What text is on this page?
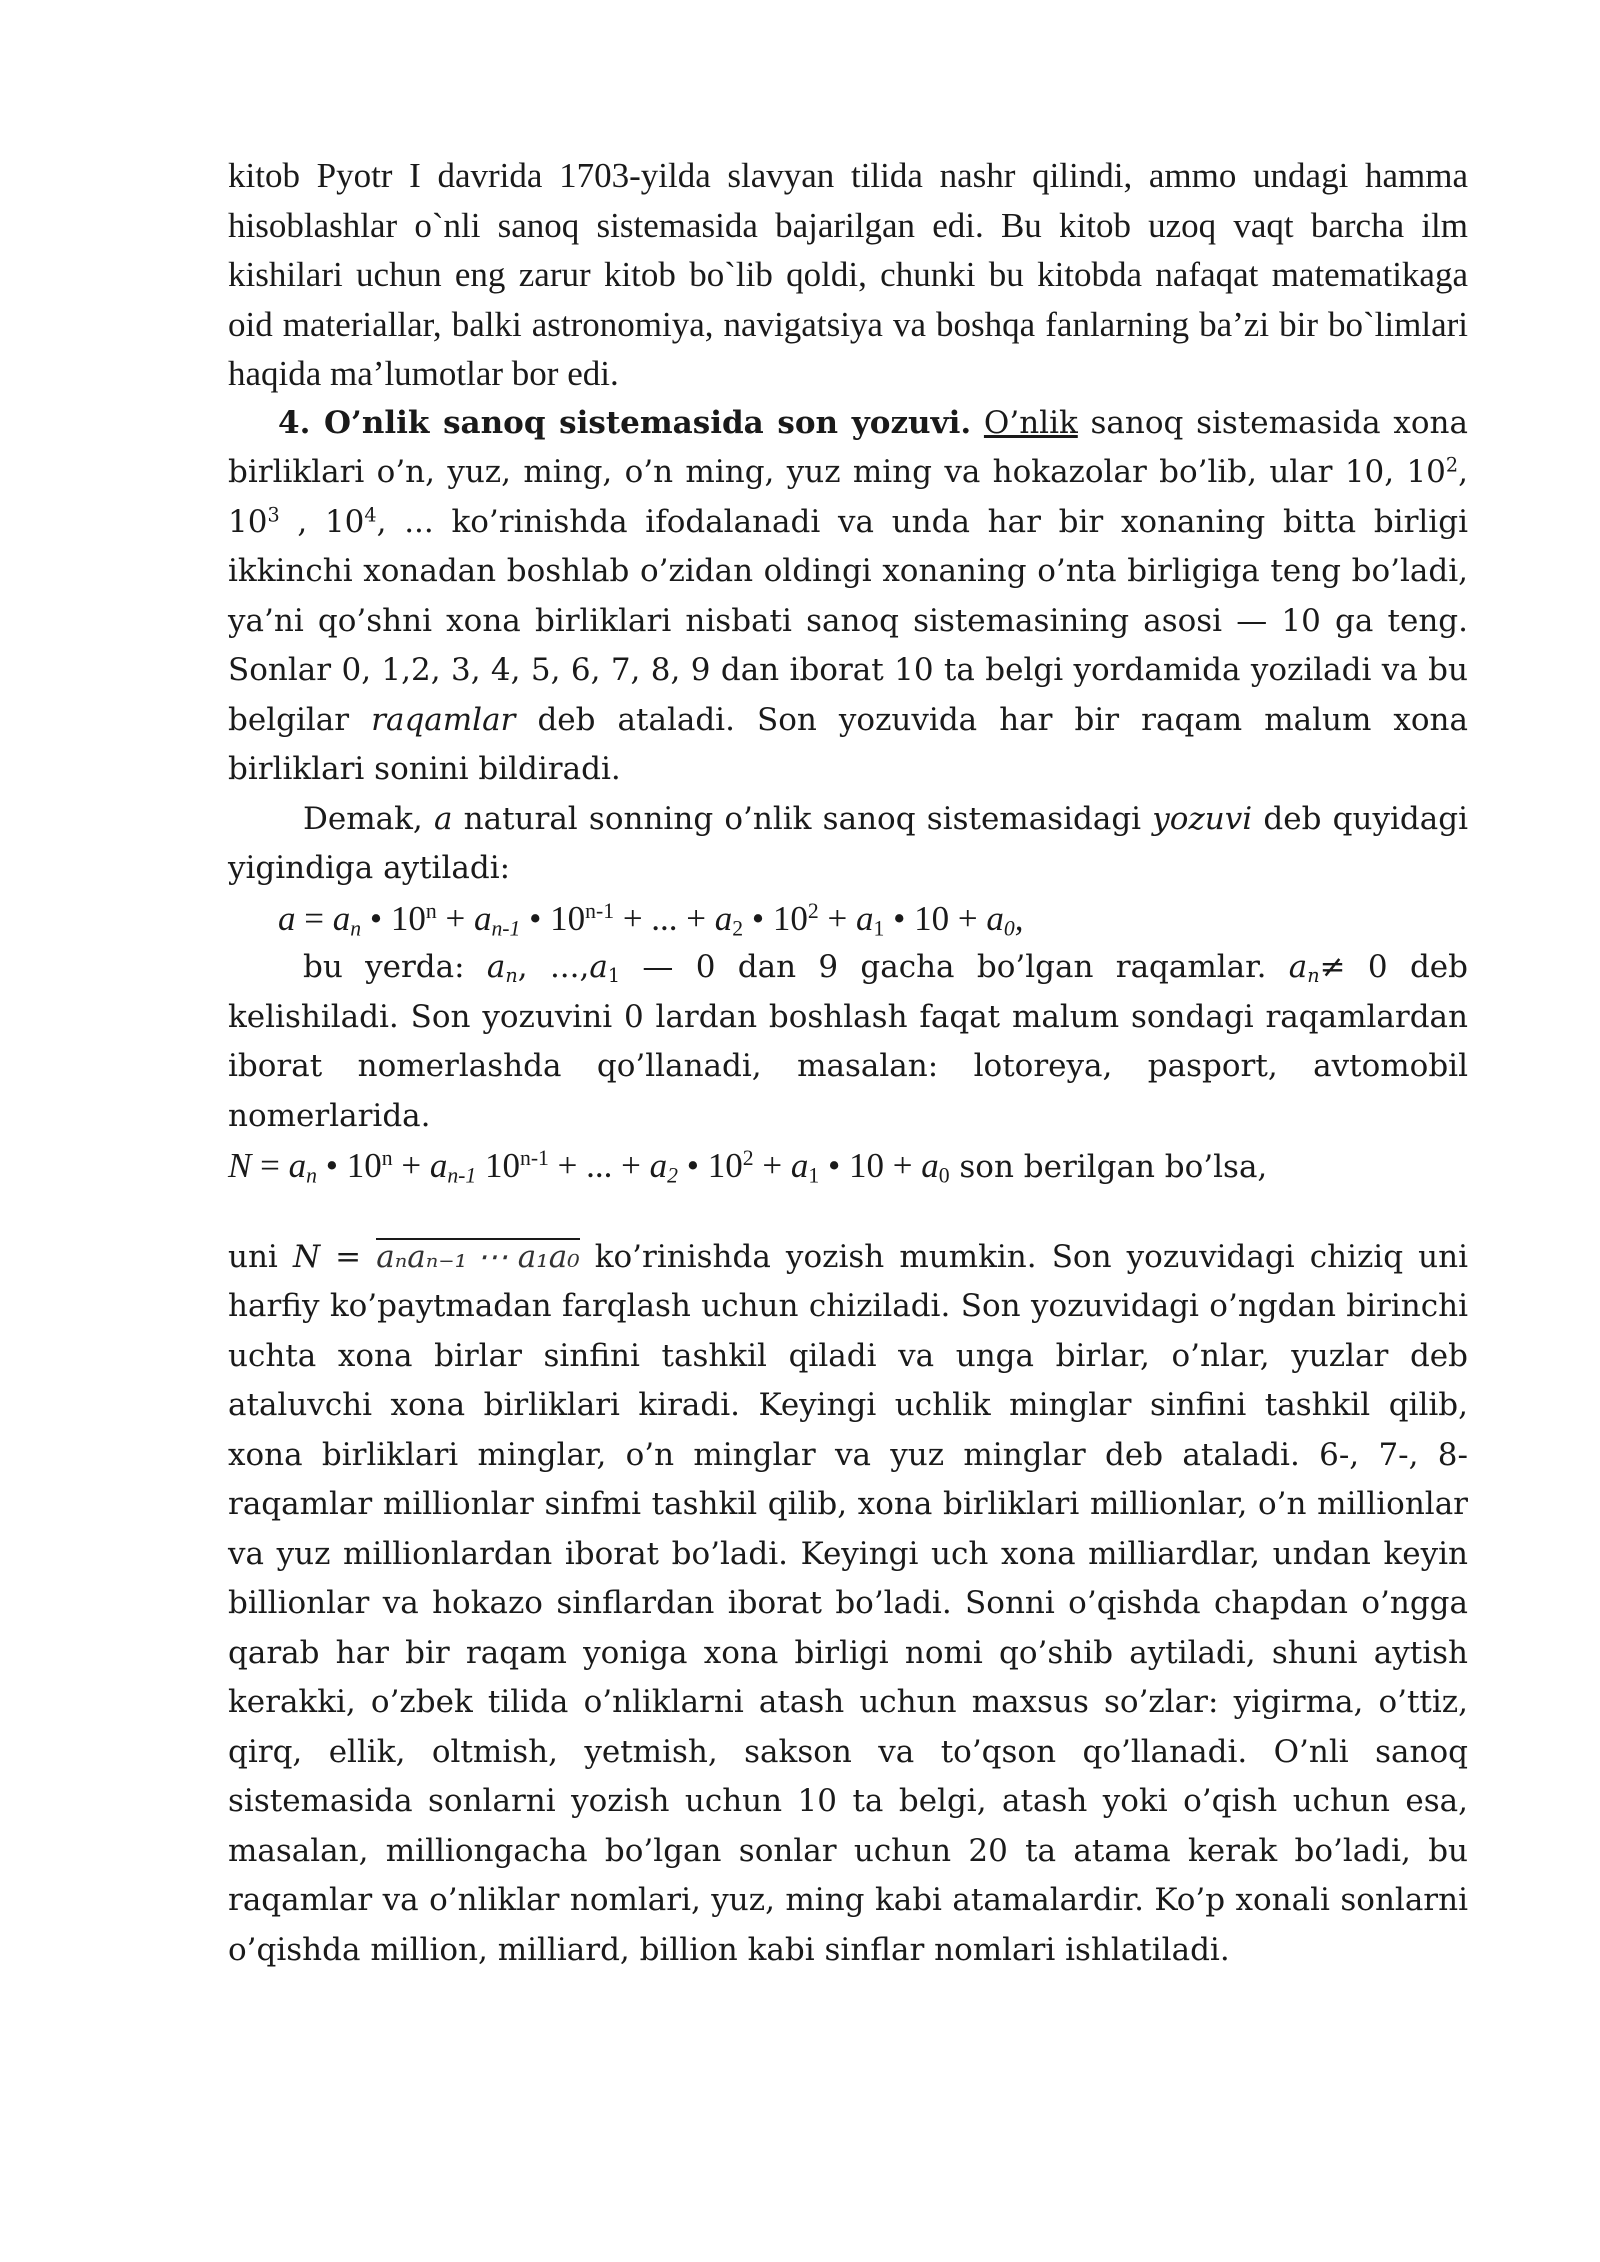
kitob Pyotr I davrida 1703-yilda slavyan tilida nashr qilindi, ammo undagi hamma hisoblashlar o`nli sanoq sistemasida bajarilgan edi. Bu kitob uzoq vaqt barcha ilm kishilari uchun eng zarur kitob bo`lib qoldi, chunki bu kitobda nafaqat matematikaga oid materiallar, balki astronomiya, navigatsiya va boshqa fanlarning ba’zi bir bo`limlari haqida ma’lumotlar bor edi.

4. O’nlik sanoq sistemasida son yozuvi. O’nlik sanoq sistemasida xona birliklari o’n, yuz, ming, o’n ming, yuz ming va hokazolar bo’lib, ular 10, $10^2$, $10^3$ , $10^4$, ... ko’rinishda ifodalanadi va unda har bir xonaning bitta birligi ikkinchi xonadan boshlab o’zidan oldingi xonaning o’nta birligiga teng bo’ladi, ya’ni qo’shni xona birliklari nisbati sanoq sistemasining asosi — 10 ga teng. Sonlar 0, 1,2, 3, 4, 5, 6, 7, 8, 9 dan iborat 10 ta belgi yordamida yoziladi va bu belgilar raqamlar deb ataladi. Son yozuvida har bir raqam malum xona birliklari sonini bildiradi.

Demak, a natural sonning o’nlik sanoq sistemasidagi yozuvi deb quyidagi yigindiga aytiladi:

$a = a_n$ • $10^n + a_{n-1}$ • $10^{n-1}$ + ... + $a_2$ • $10^2 + a_1$ • $10 + a_0$,

bu yerda: $a_n$, $...,a_1$ — 0 dan 9 gacha bo’lgan raqamlar. $a_n\ne 0$ deb kelishiladi. Son yozuvini 0 lardan boshlash faqat malum sondagi raqamlardan iborat nomerlashda qo’llanadi, masalan: lotoreya, pasport, avtomobil nomerlarida.

$N = a_n$ • $10^n + a_{n-1}$ $10^{n-1}$ + ... + $a_2$ • $10^2 + a_1$ • $10 + a_0$ son berilgan bo’lsa,

uni N = aₙaₙ₋₁ ⋯ a₁a₀ ko’rinishda yozish mumkin. Son yozuvidagi chiziq uni harfiy ko’paytmadan farqlash uchun chiziladi. Son yozuvidagi o’ngdan birinchi uchta xona birlar sinfini tashkil qiladi va unga birlar, o’nlar, yuzlar deb ataluvchi xona birliklari kiradi. Keyingi uchlik minglar sinfini tashkil qilib, xona birliklari minglar, o’n minglar va yuz minglar deb ataladi. 6-, 7-, 8-raqamlar millionlar sinfmi tashkil qilib, xona birliklari millionlar, o’n millionlar va yuz millionlardan iborat bo’ladi. Keyingi uch xona milliardlar, undan keyin billionlar va hokazo sinflardan iborat bo’ladi. Sonni o’qishda chapdan o’ngga qarab har bir raqam yoniga xona birligi nomi qo’shib aytiladi, shuni aytish kerakki, o’zbek tilida o’nliklarni atash uchun maxsus so’zlar: yigirma, o’ttiz, qirq, ellik, oltmish, yetmish, sakson va to’qson qo’llanadi. O’nli sanoq sistemasida sonlarni yozish uchun 10 ta belgi, atash yoki o’qish uchun esa, masalan, milliongacha bo’lgan sonlar uchun 20 ta atama kerak bo’ladi, bu raqamlar va o’nliklar nomlari, yuz, ming kabi atamalardir. Ko’p xonali sonlarni o’qishda million, milliard, billion kabi sinflar nomlari ishlatiladi.
